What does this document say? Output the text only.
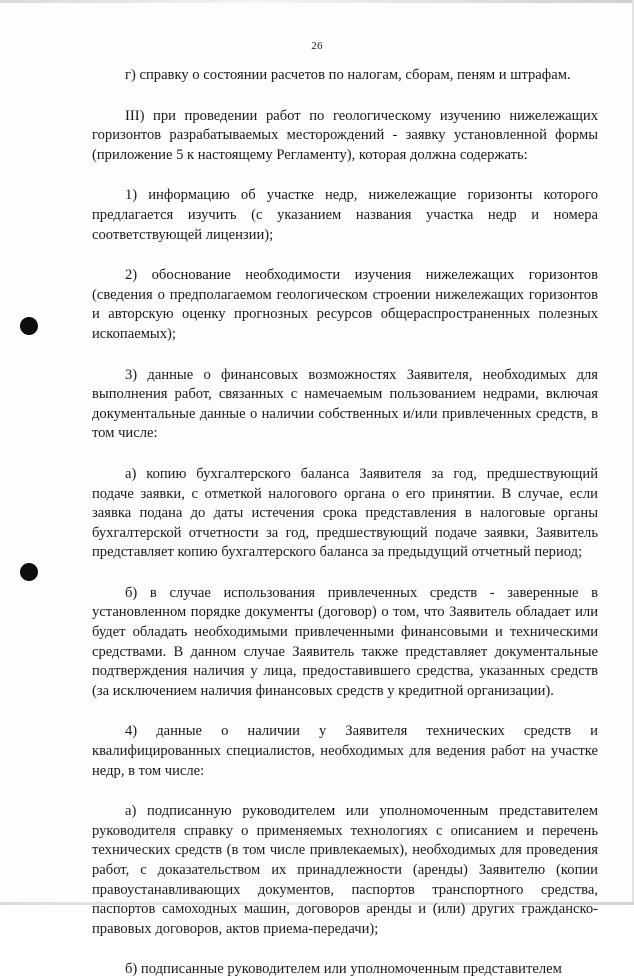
26

г) справку о состоянии расчетов по налогам, сборам, пеням и штрафам.

III) при проведении работ по геологическому изучению нижележащих горизонтов разрабатываемых месторождений - заявку установленной формы (приложение 5 к настоящему Регламенту), которая должна содержать:

1) информацию об участке недр, нижележащие горизонты которого предлагается изучить (с указанием названия участка недр и номера соответствующей лицензии);

2) обоснование необходимости изучения нижележащих горизонтов (сведения о предполагаемом геологическом строении нижележащих горизонтов и авторскую оценку прогнозных ресурсов общераспространенных полезных ископаемых);

3) данные о финансовых возможностях Заявителя, необходимых для выполнения работ, связанных с намечаемым пользованием недрами, включая документальные данные о наличии собственных и/или привлеченных средств, в том числе:

а) копию бухгалтерского баланса Заявителя за год, предшествующий подаче заявки, с отметкой налогового органа о его принятии. В случае, если заявка подана до даты истечения срока представления в налоговые органы бухгалтерской отчетности за год, предшествующий подаче заявки, Заявитель представляет копию бухгалтерского баланса за предыдущий отчетный период;

б) в случае использования привлеченных средств - заверенные в установленном порядке документы (договор) о том, что Заявитель обладает или будет обладать необходимыми привлеченными финансовыми и техническими средствами. В данном случае Заявитель также представляет документальные подтверждения наличия у лица, предоставившего средства, указанных средств (за исключением наличия финансовых средств у кредитной организации).

4) данные о наличии у Заявителя технических средств и квалифицированных специалистов, необходимых для ведения работ на участке недр, в том числе:

а) подписанную руководителем или уполномоченным представителем руководителя справку о применяемых технологиях с описанием и перечень технических средств (в том числе привлекаемых), необходимых для проведения работ, с доказательством их принадлежности (аренды) Заявителю (копии правоустанавливающих документов, паспортов транспортного средства, паспортов самоходных машин, договоров аренды и (или) других гражданско-правовых договоров, актов приема-передачи);

б) подписанные руководителем или уполномоченным представителем
